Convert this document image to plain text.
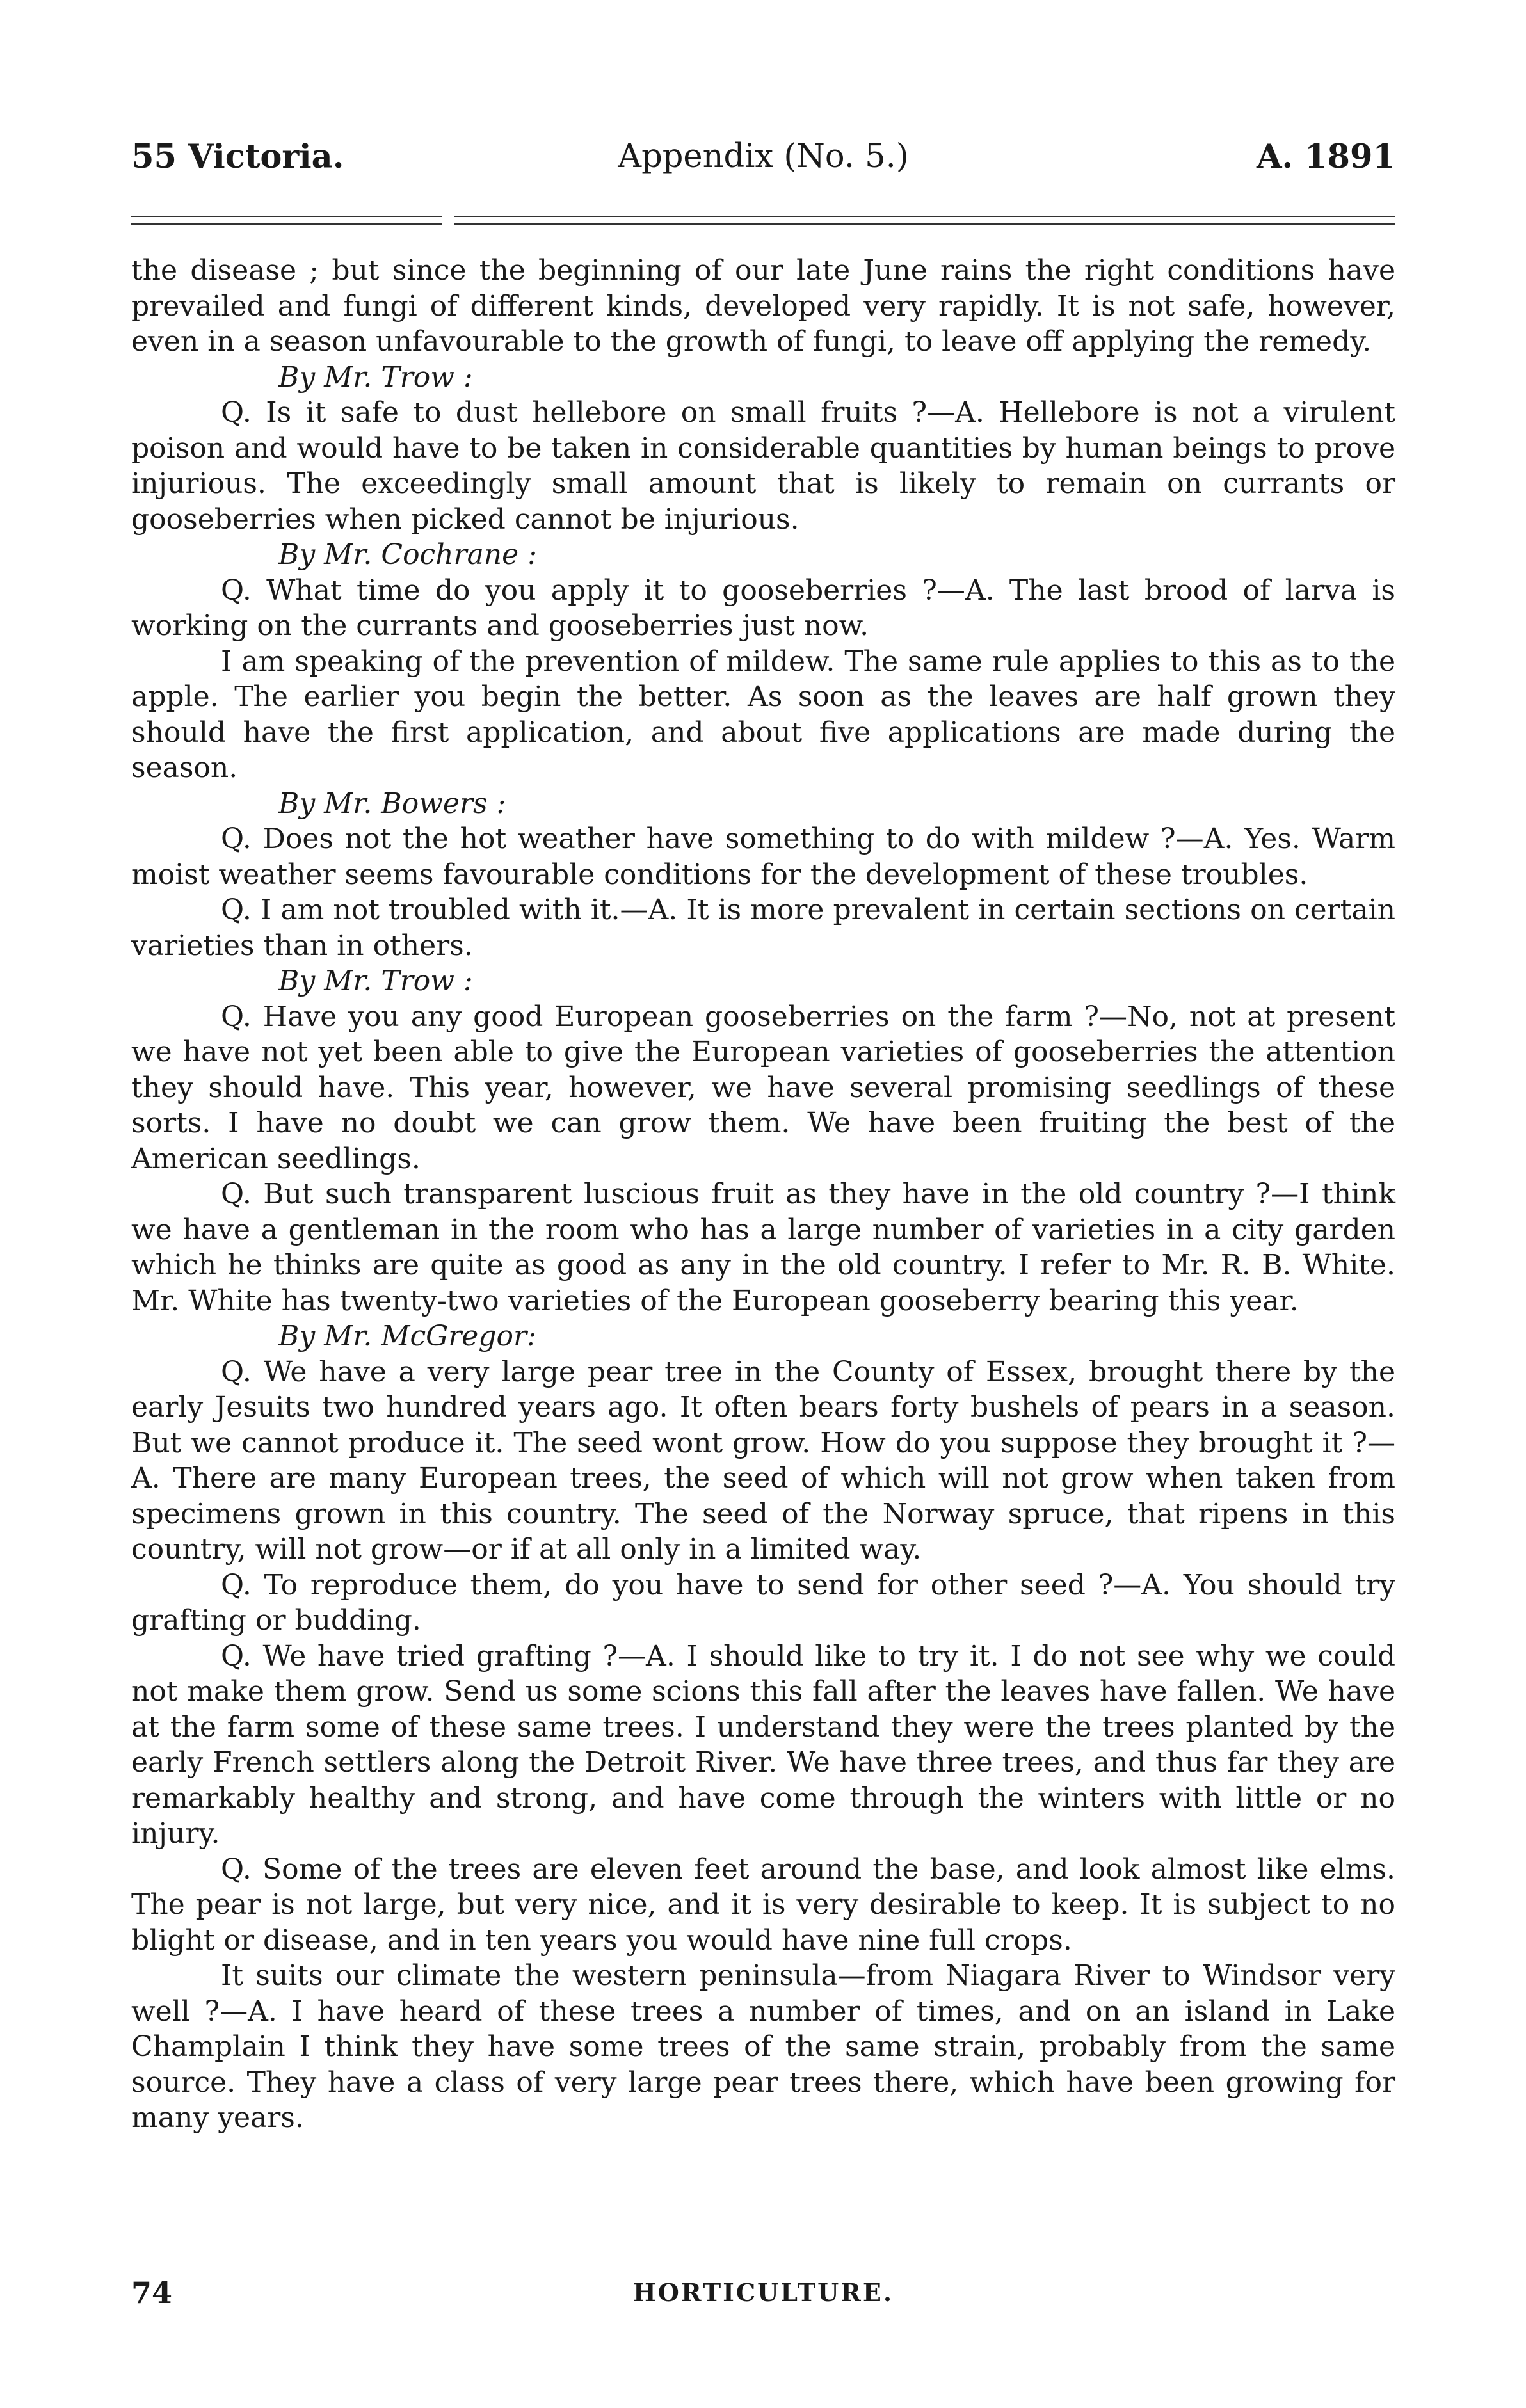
55 Victoria.	Appendix (No. 5.)	A. 1891

the disease ; but since the beginning of our late June rains the right conditions have prevailed and fungi of different kinds, developed very rapidly. It is not safe, however, even in a season unfavourable to the growth of fungi, to leave off applying the remedy.

By Mr. Trow :

Q. Is it safe to dust hellebore on small fruits ?—A. Hellebore is not a virulent poison and would have to be taken in considerable quantities by human beings to prove injurious. The exceedingly small amount that is likely to remain on currants or gooseberries when picked cannot be injurious.

By Mr. Cochrane :

Q. What time do you apply it to gooseberries ?—A. The last brood of larva is working on the currants and gooseberries just now.

I am speaking of the prevention of mildew. The same rule applies to this as to the apple. The earlier you begin the better. As soon as the leaves are half grown they should have the first application, and about five applications are made during the season.

By Mr. Bowers :

Q. Does not the hot weather have something to do with mildew ?—A. Yes. Warm moist weather seems favourable conditions for the development of these troubles.

Q. I am not troubled with it.—A. It is more prevalent in certain sections on certain varieties than in others.

By Mr. Trow :

Q. Have you any good European gooseberries on the farm ?—No, not at present we have not yet been able to give the European varieties of gooseberries the attention they should have. This year, however, we have several promising seedlings of these sorts. I have no doubt we can grow them. We have been fruiting the best of the American seedlings.

Q. But such transparent luscious fruit as they have in the old country ?—I think we have a gentleman in the room who has a large number of varieties in a city garden which he thinks are quite as good as any in the old country. I refer to Mr. R. B. White. Mr. White has twenty-two varieties of the European gooseberry bearing this year.

By Mr. McGregor:

Q. We have a very large pear tree in the County of Essex, brought there by the early Jesuits two hundred years ago. It often bears forty bushels of pears in a season. But we cannot produce it. The seed wont grow. How do you suppose they brought it ?—A. There are many European trees, the seed of which will not grow when taken from specimens grown in this country. The seed of the Norway spruce, that ripens in this country, will not grow—or if at all only in a limited way.

Q. To reproduce them, do you have to send for other seed ?—A. You should try grafting or budding.

Q. We have tried grafting ?—A. I should like to try it. I do not see why we could not make them grow. Send us some scions this fall after the leaves have fallen. We have at the farm some of these same trees. I understand they were the trees planted by the early French settlers along the Detroit River. We have three trees, and thus far they are remarkably healthy and strong, and have come through the winters with little or no injury.

Q. Some of the trees are eleven feet around the base, and look almost like elms. The pear is not large, but very nice, and it is very desirable to keep. It is subject to no blight or disease, and in ten years you would have nine full crops.

It suits our climate the western peninsula—from Niagara River to Windsor very well ?—A. I have heard of these trees a number of times, and on an island in Lake Champlain I think they have some trees of the same strain, probably from the same source. They have a class of very large pear trees there, which have been growing for many years.

74	HORTICULTURE.
